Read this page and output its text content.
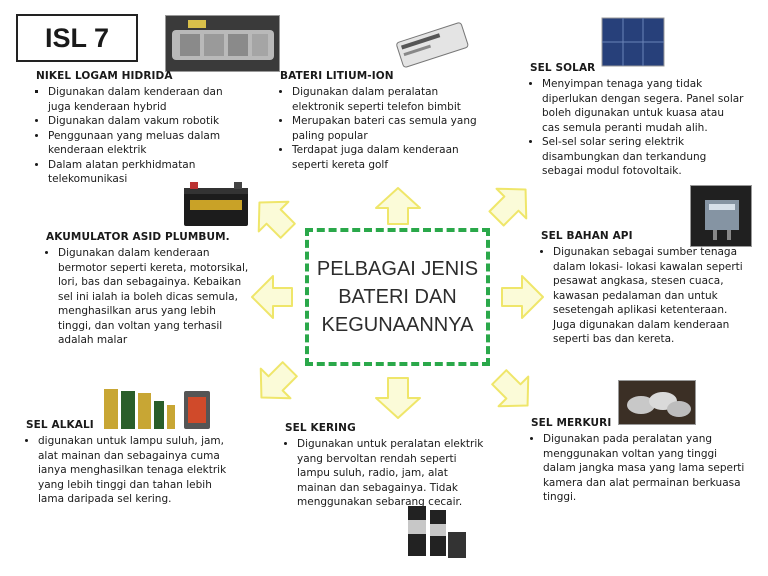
ISL 7
PELBAGAI JENIS BATERI DAN KEGUNAANNYA
NIKEL LOGAM HIDRIDA
▪ Digunakan dalam kenderaan dan juga kenderaan hybrid
• Digunakan dalam vakum robotik
• Penggunaan yang meluas dalam kenderaan elektrik
• Dalam alatan perkhidmatan telekomunikasi
BATERI LITIUM-ION
• Digunakan dalam peralatan elektronik seperti telefon bimbit
• Merupakan bateri cas semula yang paling popular
• Terdapat juga dalam kenderaan seperti kereta golf
SEL SOLAR
• Menyimpan tenaga yang tidak diperlukan dengan segera. Panel solar boleh digunakan untuk kuasa atau cas semula peranti mudah alih.
• Sel-sel solar sering elektrik disambungkan dan terkandung sebagai modul fotovoltaik.
AKUMULATOR ASID PLUMBUM.
• Digunakan dalam kenderaan bermotor seperti kereta, motorsikal, lori, bas dan sebagainya. Kebaikan sel ini ialah ia boleh dicas semula, menghasilkan arus yang lebih tinggi, dan voltan yang terhasil adalah malar
SEL BAHAN API
• Digunakan sebagai sumber tenaga dalam lokasi- lokasi kawalan seperti pesawat angkasa, stesen cuaca, kawasan pedalaman dan untuk sesetengah aplikasi ketenteraan. Juga digunakan dalam kenderaan seperti bas dan kereta.
SEL ALKALI
• digunakan untuk lampu suluh, jam, alat mainan dan sebagainya cuma ianya menghasilkan tenaga elektrik yang lebih tinggi dan tahan lebih lama daripada sel kering.
SEL KERING
• Digunakan untuk peralatan elektrik yang bervoltan rendah seperti lampu suluh, radio, jam, alat mainan dan sebagainya. Tidak menggunakan sebarang cecair.
SEL MERKURI
• Digunakan pada peralatan yang menggunakan voltan yang tinggi dalam jangka masa yang lama seperti kamera dan alat permainan berkuasa tinggi.
